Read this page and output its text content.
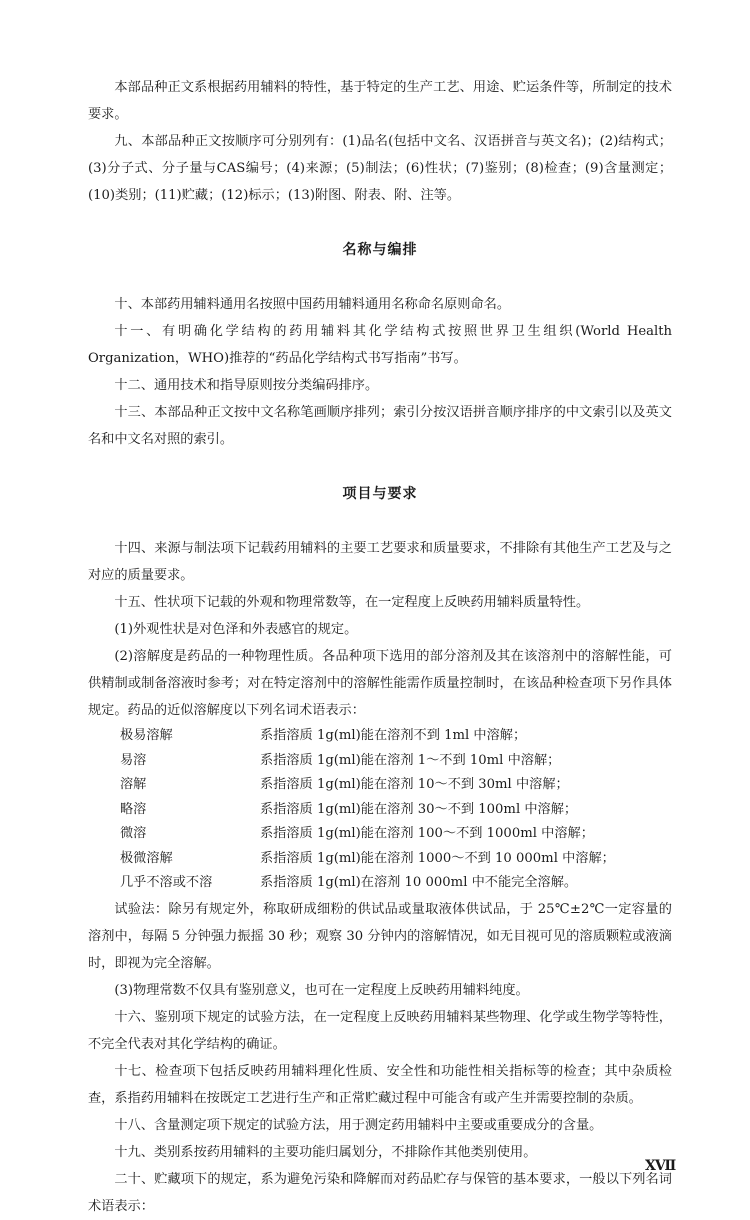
本部品种正文系根据药用辅料的特性，基于特定的生产工艺、用途、贮运条件等，所制定的技术要求。

九、本部品种正文按顺序可分别列有：(1)品名(包括中文名、汉语拼音与英文名)；(2)结构式；(3)分子式、分子量与CAS编号；(4)来源；(5)制法；(6)性状；(7)鉴别；(8)检查；(9)含量测定；(10)类别；(11)贮藏；(12)标示；(13)附图、附表、附、注等。

名称与编排

十、本部药用辅料通用名按照中国药用辅料通用名称命名原则命名。

十一、有明确化学结构的药用辅料其化学结构式按照世界卫生组织(World Health Organization，WHO)推荐的“药品化学结构式书写指南”书写。

十二、通用技术和指导原则按分类编码排序。

十三、本部品种正文按中文名称笔画顺序排列；索引分按汉语拼音顺序排序的中文索引以及英文名和中文名对照的索引。

项目与要求

十四、来源与制法项下记载药用辅料的主要工艺要求和质量要求，不排除有其他生产工艺及与之对应的质量要求。

十五、性状项下记载的外观和物理常数等，在一定程度上反映药用辅料质量特性。

(1)外观性状是对色泽和外表感官的规定。

(2)溶解度是药品的一种物理性质。各品种项下选用的部分溶剂及其在该溶剂中的溶解性能，可供精制或制备溶液时参考；对在特定溶剂中的溶解性能需作质量控制时，在该品种检查项下另作具体规定。药品的近似溶解度以下列名词术语表示：

极易溶解	系指溶质 1g(ml)能在溶剂不到 1ml 中溶解；
易溶	系指溶质 1g(ml)能在溶剂 1～不到 10ml 中溶解；
溶解	系指溶质 1g(ml)能在溶剂 10～不到 30ml 中溶解；
略溶	系指溶质 1g(ml)能在溶剂 30～不到 100ml 中溶解；
微溶	系指溶质 1g(ml)能在溶剂 100～不到 1000ml 中溶解；
极微溶解	系指溶质 1g(ml)能在溶剂 1000～不到 10 000ml 中溶解；
几乎不溶或不溶	系指溶质 1g(ml)在溶剂 10 000ml 中不能完全溶解。

试验法：除另有规定外，称取研成细粉的供试品或量取液体供试品，于 25℃±2℃一定容量的溶剂中，每隔 5 分钟强力振摇 30 秒；观察 30 分钟内的溶解情况，如无目视可见的溶质颗粒或液滴时，即视为完全溶解。

(3)物理常数不仅具有鉴别意义，也可在一定程度上反映药用辅料纯度。

十六、鉴别项下规定的试验方法，在一定程度上反映药用辅料某些物理、化学或生物学等特性，不完全代表对其化学结构的确证。

十七、检查项下包括反映药用辅料理化性质、安全性和功能性相关指标等的检查；其中杂质检查，系指药用辅料在按既定工艺进行生产和正常贮藏过程中可能含有或产生并需要控制的杂质。

十八、含量测定项下规定的试验方法，用于测定药用辅料中主要或重要成分的含量。

十九、类别系按药用辅料的主要功能归属划分，不排除作其他类别使用。

二十、贮藏项下的规定，系为避免污染和降解而对药品贮存与保管的基本要求，一般以下列名词术语表示：

XⅦ
